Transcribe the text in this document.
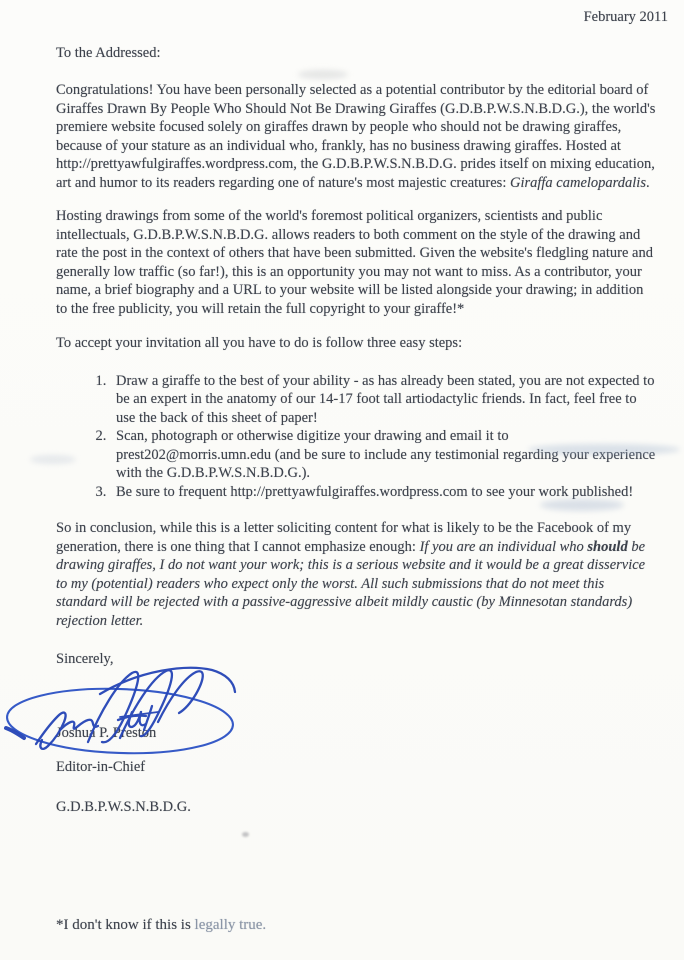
February 2011
To the Addressed:

Congratulations! You have been personally selected as a potential contributor by the editorial board of Giraffes Drawn By People Who Should Not Be Drawing Giraffes (G.D.B.P.W.S.N.B.D.G.), the world's premiere website focused solely on giraffes drawn by people who should not be drawing giraffes, because of your stature as an individual who, frankly, has no business drawing giraffes. Hosted at http://prettyawfulgiraffes.wordpress.com, the G.D.B.P.W.S.N.B.D.G. prides itself on mixing education, art and humor to its readers regarding one of nature's most majestic creatures: Giraffa camelopardalis.

Hosting drawings from some of the world's foremost political organizers, scientists and public intellectuals, G.D.B.P.W.S.N.B.D.G. allows readers to both comment on the style of the drawing and rate the post in the context of others that have been submitted. Given the website's fledgling nature and generally low traffic (so far!), this is an opportunity you may not want to miss. As a contributor, your name, a brief biography and a URL to your website will be listed alongside your drawing; in addition to the free publicity, you will retain the full copyright to your giraffe!*

To accept your invitation all you have to do is follow three easy steps:

1. Draw a giraffe to the best of your ability - as has already been stated, you are not expected to be an expert in the anatomy of our 14-17 foot tall artiodactylic friends. In fact, feel free to use the back of this sheet of paper!
2. Scan, photograph or otherwise digitize your drawing and email it to prest202@morris.umn.edu (and be sure to include any testimonial regarding your experience with the G.D.B.P.W.S.N.B.D.G.).
3. Be sure to frequent http://prettyawfulgiraffes.wordpress.com to see your work published!

So in conclusion, while this is a letter soliciting content for what is likely to be the Facebook of my generation, there is one thing that I cannot emphasize enough: If you are an individual who should be drawing giraffes, I do not want your work; this is a serious website and it would be a great disservice to my (potential) readers who expect only the worst. All such submissions that do not meet this standard will be rejected with a passive-aggressive albeit mildly caustic (by Minnesotan standards) rejection letter.

Sincerely,
Joshua P. Preston
Editor-in-Chief
G.D.B.P.W.S.N.B.D.G.
*I don't know if this is legally true.
